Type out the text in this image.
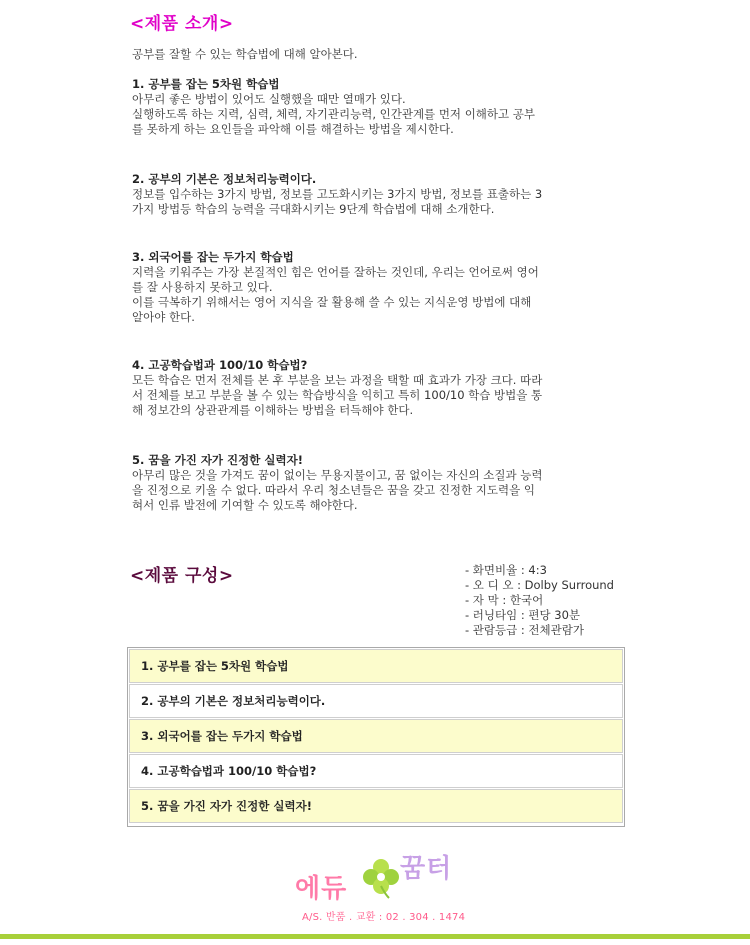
<제품 소개>
공부를 잘할 수 있는 학습법에 대해 알아본다.
1. 공부를 잡는 5차원 학습법

아무리 좋은 방법이 있어도 실행했을 때만 열매가 있다.

실행하도록 하는 지력, 심력, 체력, 자기관리능력, 인간관계를 먼저 이해하고 공부

를 못하게 하는 요인들을 파악해 이를 해결하는 방법을 제시한다.

2. 공부의 기본은 정보처리능력이다.

정보를 입수하는 3가지 방법, 정보를 고도화시키는 3가지 방법, 정보를 표출하는 3

가지 방법등 학습의 능력을 극대화시키는 9단계 학습법에 대해 소개한다.

3. 외국어를 잡는 두가지 학습법

지력을 키워주는 가장 본질적인 힘은 언어를 잘하는 것인데, 우리는 언어로써 영어

를 잘 사용하지 못하고 있다.

이를 극복하기 위해서는 영어 지식을 잘 활용해 쓸 수 있는 지식운영 방법에 대해

알아야 한다.

4. 고공학습법과 100/10 학습법?

모든 학습은 먼저 전체를 본 후 부분을 보는 과정을 택할 때 효과가 가장 크다. 따라

서 전체를 보고 부분을 볼 수 있는 학습방식을 익히고 특히 100/10 학습 방법을 통

해 정보간의 상관관계를 이해하는 방법을 터득해야 한다.

5. 꿈을 가진 자가 진정한 실력자!

아무리 많은 것을 가져도 꿈이 없이는 무용지물이고, 꿈 없이는 자신의 소질과 능력

을 진정으로 키울 수 없다. 따라서 우리 청소년들은 꿈을 갖고 진정한 지도력을 익

혀서 인류 발전에 기여할 수 있도록 해야한다.

<제품 구성>	- 화면비율 : 4:3
- 오 디 오 : Dolby Surround
- 자 막 : 한국어
- 러닝타임 : 편당 30분
- 관람등급 : 전체관람가
1. 공부를 잡는 5차원 학습법
2. 공부의 기본은 정보처리능력이다.
3. 외국어를 잡는 두가지 학습법
4. 고공학습법과 100/10 학습법?
5. 꿈을 가진 자가 진정한 실력자!
에듀
꿈터
A/S. 반품 . 교환 : 02 . 304 . 1474
